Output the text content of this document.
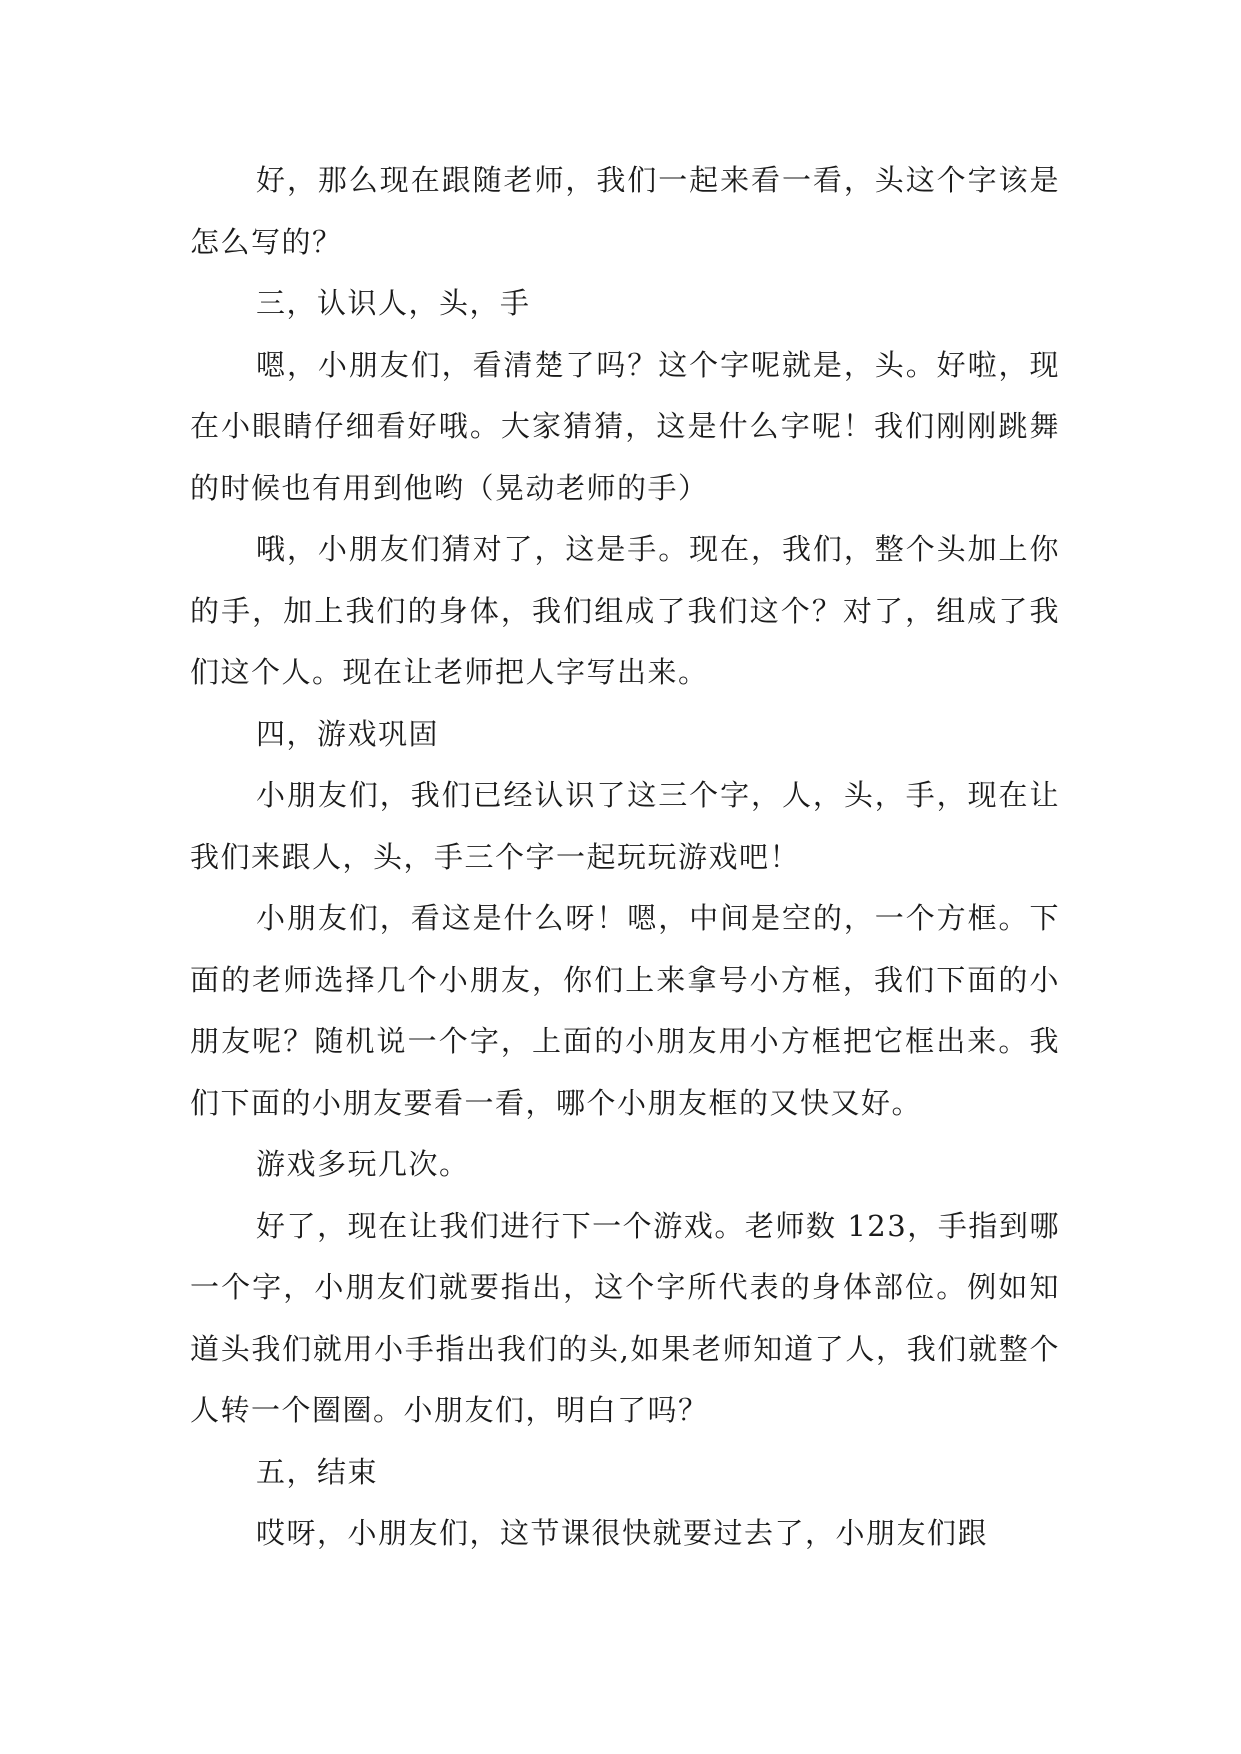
好，那么现在跟随老师，我们一起来看一看，头这个字该是怎么写的？

三，认识人，头，手

嗯，小朋友们，看清楚了吗？这个字呢就是，头。好啦，现在小眼睛仔细看好哦。大家猜猜，这是什么字呢！我们刚刚跳舞的时候也有用到他哟（晃动老师的手）

哦，小朋友们猜对了，这是手。现在，我们，整个头加上你的手，加上我们的身体，我们组成了我们这个？对了，组成了我们这个人。现在让老师把人字写出来。

四，游戏巩固

小朋友们，我们已经认识了这三个字，人，头，手，现在让我们来跟人，头，手三个字一起玩玩游戏吧！

小朋友们，看这是什么呀！嗯，中间是空的，一个方框。下面的老师选择几个小朋友，你们上来拿号小方框，我们下面的小朋友呢？随机说一个字，上面的小朋友用小方框把它框出来。我们下面的小朋友要看一看，哪个小朋友框的又快又好。

游戏多玩几次。

好了，现在让我们进行下一个游戏。老师数 123，手指到哪一个字，小朋友们就要指出，这个字所代表的身体部位。例如知道头我们就用小手指出我们的头,如果老师知道了人，我们就整个人转一个圈圈。小朋友们，明白了吗？

五，结束

哎呀，小朋友们，这节课很快就要过去了，小朋友们跟
